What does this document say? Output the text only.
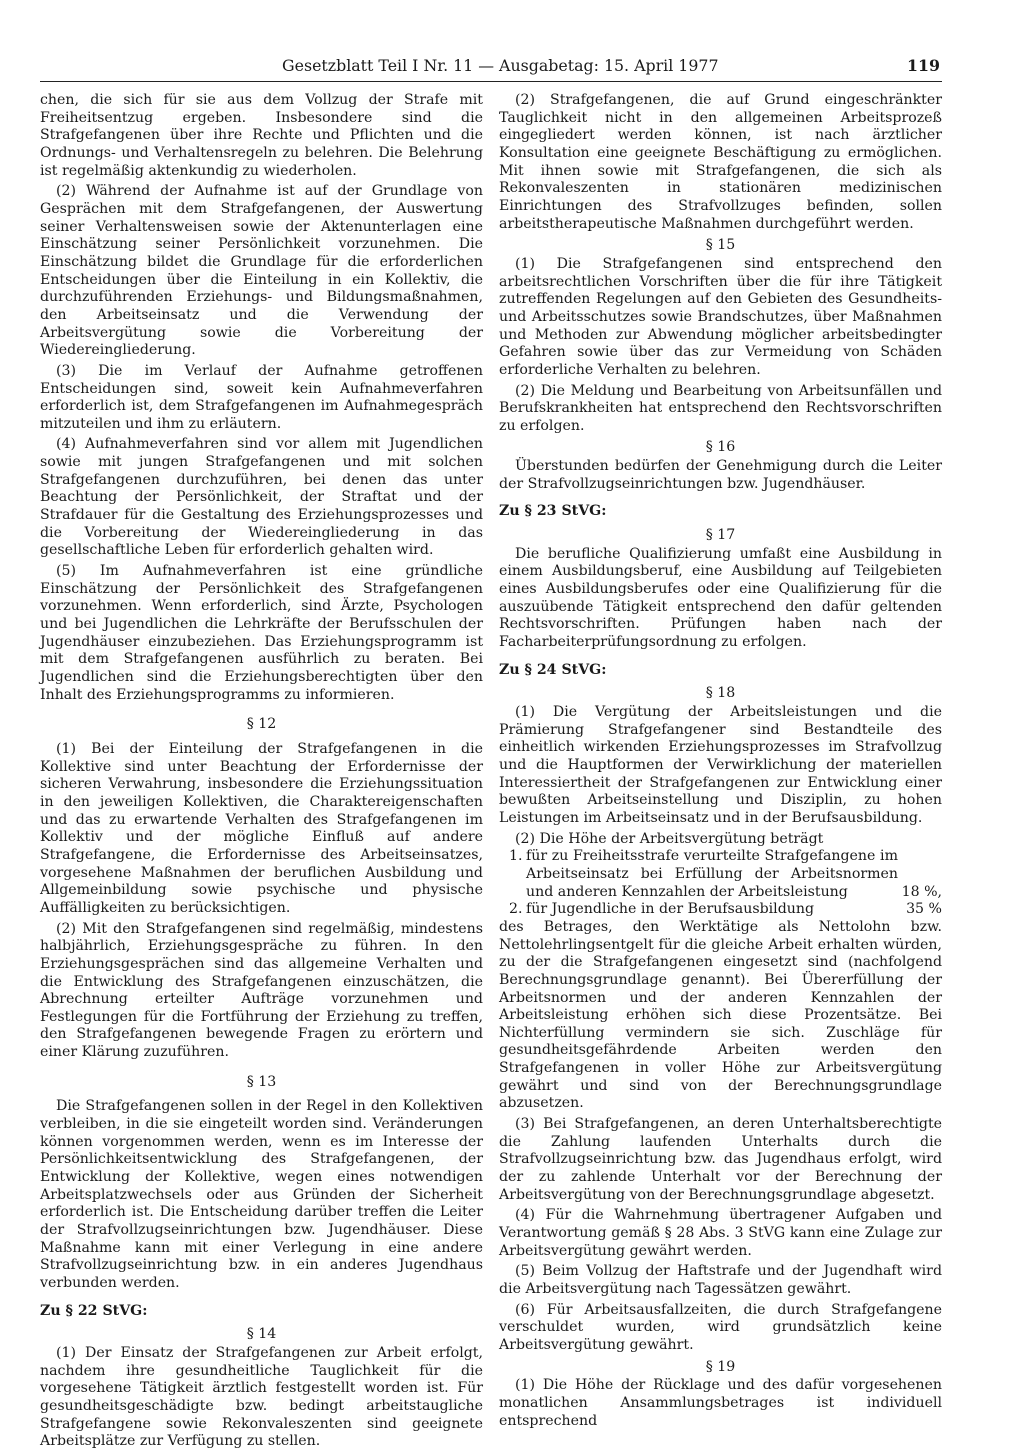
Gesetzblatt Teil I Nr. 11 — Ausgabetag: 15. April 1977	119

chen, die sich für sie aus dem Vollzug der Strafe mit Freiheitsentzug ergeben. Insbesondere sind die Strafgefangenen über ihre Rechte und Pflichten und die Ordnungs- und Verhaltensregeln zu belehren. Die Belehrung ist regelmäßig aktenkundig zu wiederholen.

(2) Während der Aufnahme ist auf der Grundlage von Gesprächen mit dem Strafgefangenen, der Auswertung seiner Verhaltensweisen sowie der Aktenunterlagen eine Einschätzung seiner Persönlichkeit vorzunehmen. Die Einschätzung bildet die Grundlage für die erforderlichen Entscheidungen über die Einteilung in ein Kollektiv, die durchzuführenden Erziehungs- und Bildungsmaßnahmen, den Arbeitseinsatz und die Verwendung der Arbeitsvergütung sowie die Vorbereitung der Wiedereingliederung.

(3) Die im Verlauf der Aufnahme getroffenen Entscheidungen sind, soweit kein Aufnahmeverfahren erforderlich ist, dem Strafgefangenen im Aufnahmegespräch mitzuteilen und ihm zu erläutern.

(4) Aufnahmeverfahren sind vor allem mit Jugendlichen sowie mit jungen Strafgefangenen und mit solchen Strafgefangenen durchzuführen, bei denen das unter Beachtung der Persönlichkeit, der Straftat und der Strafdauer für die Gestaltung des Erziehungsprozesses und die Vorbereitung der Wiedereingliederung in das gesellschaftliche Leben für erforderlich gehalten wird.

(5) Im Aufnahmeverfahren ist eine gründliche Einschätzung der Persönlichkeit des Strafgefangenen vorzunehmen. Wenn erforderlich, sind Ärzte, Psychologen und bei Jugendlichen die Lehrkräfte der Berufsschulen der Jugendhäuser einzubeziehen. Das Erziehungsprogramm ist mit dem Strafgefangenen ausführlich zu beraten. Bei Jugendlichen sind die Erziehungsberechtigten über den Inhalt des Erziehungsprogramms zu informieren.

§ 12

(1) Bei der Einteilung der Strafgefangenen in die Kollektive sind unter Beachtung der Erfordernisse der sicheren Verwahrung, insbesondere die Erziehungssituation in den jeweiligen Kollektiven, die Charaktereigenschaften und das zu erwartende Verhalten des Strafgefangenen im Kollektiv und der mögliche Einfluß auf andere Strafgefangene, die Erfordernisse des Arbeitseinsatzes, vorgesehene Maßnahmen der beruflichen Ausbildung und Allgemeinbildung sowie psychische und physische Auffälligkeiten zu berücksichtigen.

(2) Mit den Strafgefangenen sind regelmäßig, mindestens halbjährlich, Erziehungsgespräche zu führen. In den Erziehungsgesprächen sind das allgemeine Verhalten und die Entwicklung des Strafgefangenen einzuschätzen, die Abrechnung erteilter Aufträge vorzunehmen und Festlegungen für die Fortführung der Erziehung zu treffen, den Strafgefangenen bewegende Fragen zu erörtern und einer Klärung zuzuführen.

§ 13

Die Strafgefangenen sollen in der Regel in den Kollektiven verbleiben, in die sie eingeteilt worden sind. Veränderungen können vorgenommen werden, wenn es im Interesse der Persönlichkeitsentwicklung des Strafgefangenen, der Entwicklung der Kollektive, wegen eines notwendigen Arbeitsplatzwechsels oder aus Gründen der Sicherheit erforderlich ist. Die Entscheidung darüber treffen die Leiter der Strafvollzugseinrichtungen bzw. Jugendhäuser. Diese Maßnahme kann mit einer Verlegung in eine andere Strafvollzugseinrichtung bzw. in ein anderes Jugendhaus verbunden werden.

Zu § 22 StVG:

§ 14

(1) Der Einsatz der Strafgefangenen zur Arbeit erfolgt, nachdem ihre gesundheitliche Tauglichkeit für die vorgesehene Tätigkeit ärztlich festgestellt worden ist. Für gesundheitsgeschädigte bzw. bedingt arbeitstaugliche Strafgefangene sowie Rekonvaleszenten sind geeignete Arbeitsplätze zur Verfügung zu stellen.

(2) Strafgefangenen, die auf Grund eingeschränkter Tauglichkeit nicht in den allgemeinen Arbeitsprozeß eingegliedert werden können, ist nach ärztlicher Konsultation eine geeignete Beschäftigung zu ermöglichen. Mit ihnen sowie mit Strafgefangenen, die sich als Rekonvaleszenten in stationären medizinischen Einrichtungen des Strafvollzuges befinden, sollen arbeitstherapeutische Maßnahmen durchgeführt werden.

§ 15

(1) Die Strafgefangenen sind entsprechend den arbeitsrechtlichen Vorschriften über die für ihre Tätigkeit zutreffenden Regelungen auf den Gebieten des Gesundheits- und Arbeitsschutzes sowie Brandschutzes, über Maßnahmen und Methoden zur Abwendung möglicher arbeitsbedingter Gefahren sowie über das zur Vermeidung von Schäden erforderliche Verhalten zu belehren.

(2) Die Meldung und Bearbeitung von Arbeitsunfällen und Berufskrankheiten hat entsprechend den Rechtsvorschriften zu erfolgen.

§ 16

Überstunden bedürfen der Genehmigung durch die Leiter der Strafvollzugseinrichtungen bzw. Jugendhäuser.

Zu § 23 StVG:

§ 17

Die berufliche Qualifizierung umfaßt eine Ausbildung in einem Ausbildungsberuf, eine Ausbildung auf Teilgebieten eines Ausbildungsberufes oder eine Qualifizierung für die auszuübende Tätigkeit entsprechend den dafür geltenden Rechtsvorschriften. Prüfungen haben nach der Facharbeiterprüfungsordnung zu erfolgen.

Zu § 24 StVG:

§ 18

(1) Die Vergütung der Arbeitsleistungen und die Prämierung Strafgefangener sind Bestandteile des einheitlich wirkenden Erziehungsprozesses im Strafvollzug und die Hauptformen der Verwirklichung der materiellen Interessiertheit der Strafgefangenen zur Entwicklung einer bewußten Arbeitseinstellung und Disziplin, zu hohen Leistungen im Arbeitseinsatz und in der Berufsausbildung.

(2) Die Höhe der Arbeitsvergütung beträgt

1. für zu Freiheitsstrafe verurteilte Strafgefangene im Arbeitseinsatz bei Erfüllung der Arbeitsnormen und anderen Kennzahlen der Arbeitsleistung	18 %,
2. für Jugendliche in der Berufsausbildung	35 %

des Betrages, den Werktätige als Nettolohn bzw. Nettolehrlingsentgelt für die gleiche Arbeit erhalten würden, zu der die Strafgefangenen eingesetzt sind (nachfolgend Berechnungsgrundlage genannt). Bei Übererfüllung der Arbeitsnormen und der anderen Kennzahlen der Arbeitsleistung erhöhen sich diese Prozentsätze. Bei Nichterfüllung vermindern sie sich. Zuschläge für gesundheitsgefährdende Arbeiten werden den Strafgefangenen in voller Höhe zur Arbeitsvergütung gewährt und sind von der Berechnungsgrundlage abzusetzen.

(3) Bei Strafgefangenen, an deren Unterhaltsberechtigte die Zahlung laufenden Unterhalts durch die Strafvollzugseinrichtung bzw. das Jugendhaus erfolgt, wird der zu zahlende Unterhalt vor der Berechnung der Arbeitsvergütung von der Berechnungsgrundlage abgesetzt.

(4) Für die Wahrnehmung übertragener Aufgaben und Verantwortung gemäß § 28 Abs. 3 StVG kann eine Zulage zur Arbeitsvergütung gewährt werden.

(5) Beim Vollzug der Haftstrafe und der Jugendhaft wird die Arbeitsvergütung nach Tagessätzen gewährt.

(6) Für Arbeitsausfallzeiten, die durch Strafgefangene verschuldet wurden, wird grundsätzlich keine Arbeitsvergütung gewährt.

§ 19

(1) Die Höhe der Rücklage und des dafür vorgesehenen monatlichen Ansammlungsbetrages ist individuell entsprechend
